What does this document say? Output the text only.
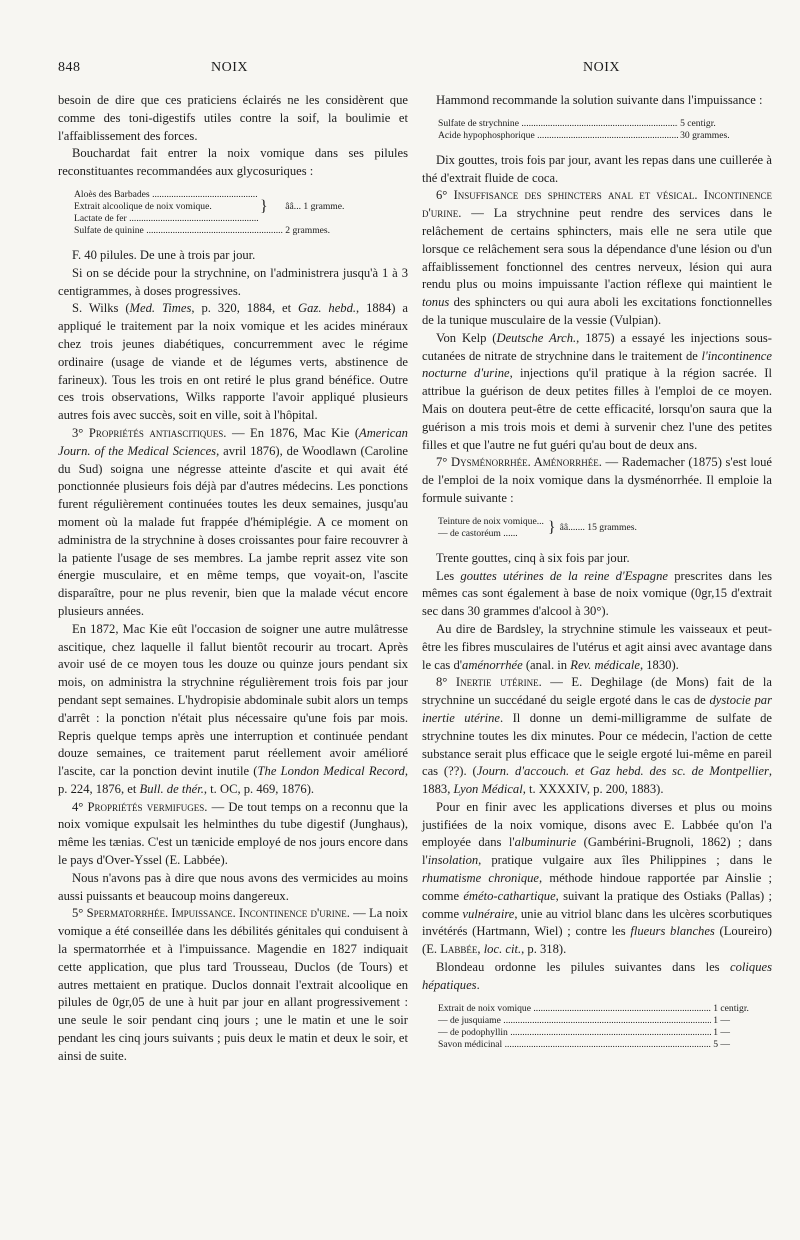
848	NOIX	NOIX

besoin de dire que ces praticiens éclairés ne les considèrent que comme des toni-digestifs utiles contre la soif, la boulimie et l'affaiblissement des forces.

Bouchardat fait entrer la noix vomique dans ses pilules reconstituantes recommandées aux glycosuriques :

Aloès des Barbades .....	}	ââ... 1 gramme.
Extrait alcoolique de noix vomique.		
Lactate de fer .....
Sulfate de quinine .....		2 grammes.

F. 40 pilules. De une à trois par jour.

Si on se décide pour la strychnine, on l'administrera jusqu'à 1 à 3 centigrammes, à doses progressives.

S. Wilks (Med. Times, p. 320, 1884, et Gaz. hebd., 1884) a appliqué le traitement par la noix vomique et les acides minéraux chez trois jeunes diabétiques, concurremment avec le régime ordinaire (usage de viande et de légumes verts, abstinence de farineux). Tous les trois en ont retiré le plus grand bénéfice. Outre ces trois observations, Wilks rapporte l'avoir appliqué plusieurs autres fois avec succès, soit en ville, soit à l'hôpital.

3° Propriétés antiascitiques. — En 1876, Mac Kie (American Journ. of the Medical Sciences, avril 1876), de Woodlawn (Caroline du Sud) soigna une négresse atteinte d'ascite et qui avait été ponctionnée plusieurs fois déjà par d'autres médecins. Les ponctions furent régulièrement continuées toutes les deux semaines, jusqu'au moment où la malade fut frappée d'hémiplégie. A ce moment on administra de la strychnine à doses croissantes pour faire recouvrer à la patiente l'usage de ses membres. La jambe reprit assez vite son énergie musculaire, et en même temps, que voyait-on, l'ascite disparaître, pour ne plus revenir, bien que la malade vécut encore plusieurs années.

En 1872, Mac Kie eût l'occasion de soigner une autre mulâtresse ascitique, chez laquelle il fallut bientôt recourir au trocart. Après avoir usé de ce moyen tous les douze ou quinze jours pendant six mois, on administra la strychnine régulièrement trois fois par jour pendant sept semaines. L'hydropisie abdominale subit alors un temps d'arrêt : la ponction n'était plus nécessaire qu'une fois par mois. Repris quelque temps après une interruption et continuée pendant douze semaines, ce traitement parut réellement avoir amélioré l'ascite, car la ponction devint inutile (The London Medical Record, p. 224, 1876, et Bull. de thér., t. OC, p. 469, 1876).

4° Propriétés vermifuges. — De tout temps on a reconnu que la noix vomique expulsait les helminthes du tube digestif (Junghaus), même les tænias. C'est un tænicide employé de nos jours encore dans le pays d'Over-Yssel (E. Labbée).

Nous n'avons pas à dire que nous avons des vermicides au moins aussi puissants et beaucoup moins dangereux.

5° Spermatorrhée. Impuissance. Incontinence d'urine. — La noix vomique a été conseillée dans les débilités génitales qui conduisent à la spermatorrhée et à l'impuissance. Magendie en 1827 indiquait cette application, que plus tard Trousseau, Duclos (de Tours) et autres mettaient en pratique. Duclos donnait l'extrait alcoolique en pilules de 0gr,05 de une à huit par jour en allant progressivement : une seule le soir pendant cinq jours ; une le matin et une le soir pendant les cinq jours suivants ; puis deux le matin et deux le soir, et ainsi de suite.

Hammond recommande la solution suivante dans l'impuissance :

Sulfate de strychnine .....	5 centigr.
Acide hypophosphorique .....	30 grammes.

Dix gouttes, trois fois par jour, avant les repas dans une cuillerée à thé d'extrait fluide de coca.

6° Insuffisance des sphincters anal et vésical. Incontinence d'urine. — La strychnine peut rendre des services dans le relâchement de certains sphincters, mais elle ne sera utile que lorsque ce relâchement sera sous la dépendance d'une lésion ou d'un affaiblissement fonctionnel des centres nerveux, lésion qui aura rendu plus ou moins impuissante l'action réflexe qui maintient le tonus des sphincters ou qui aura aboli les excitations fonctionnelles de la tunique musculaire de la vessie (Vulpian).

Von Kelp (Deutsche Arch., 1875) a essayé les injections sous-cutanées de nitrate de strychnine dans le traitement de l'incontinence nocturne d'urine, injections qu'il pratique à la région sacrée. Il attribue la guérison de deux petites filles à l'emploi de ce moyen. Mais on doutera peut-être de cette efficacité, lorsqu'on saura que la guérison a mis trois mois et demi à survenir chez l'une des petites filles et que l'autre ne fut guéri qu'au bout de deux ans.

7° Dysménorrhée. Aménorrhée. — Rademacher (1875) s'est loué de l'emploi de la noix vomique dans la dysménorrhée. Il emploie la formule suivante :

Teinture de noix vomique...	}	ââ....... 15 grammes.
— de castoréum ......

Trente gouttes, cinq à six fois par jour.

Les gouttes utérines de la reine d'Espagne prescrites dans les mêmes cas sont également à base de noix vomique (0gr,15 d'extrait sec dans 30 grammes d'alcool à 30°).

Au dire de Bardsley, la strychnine stimule les vaisseaux et peut-être les fibres musculaires de l'utérus et agit ainsi avec avantage dans le cas d'aménorrhée (anal. in Rev. médicale, 1830).

8° Inertie utérine. — E. Deghilage (de Mons) fait de la strychnine un succédané du seigle ergoté dans le cas de dystocie par inertie utérine. Il donne un demi-milligramme de sulfate de strychnine toutes les dix minutes. Pour ce médecin, l'action de cette substance serait plus efficace que le seigle ergoté lui-même en pareil cas (??). (Journ. d'accouch. et Gaz hebd. des sc. de Montpellier, 1883, Lyon Médical, t. XXXXIV, p. 200, 1883).

Pour en finir avec les applications diverses et plus ou moins justifiées de la noix vomique, disons avec E. Labbée qu'on l'a employée dans l'albuminurie (Gambérini-Brugnoli, 1862) ; dans l'insolation, pratique vulgaire aux îles Philippines ; dans le rhumatisme chronique, méthode hindoue rapportée par Ainslie ; comme éméto-cathartique, suivant la pratique des Ostiaks (Pallas) ; comme vulnéraire, unie au vitriol blanc dans les ulcères scorbutiques invétérés (Hartmann, Wiel) ; contre les flueurs blanches (Loureiro) (E. Labbée, loc. cit., p. 318).

Blondeau ordonne les pilules suivantes dans les coliques hépatiques.

Extrait de noix vomique .....	1 centigr.
— de jusquiame .....	1 —
— de podophyllin .....	1 —
Savon médicinal .....	5 —
